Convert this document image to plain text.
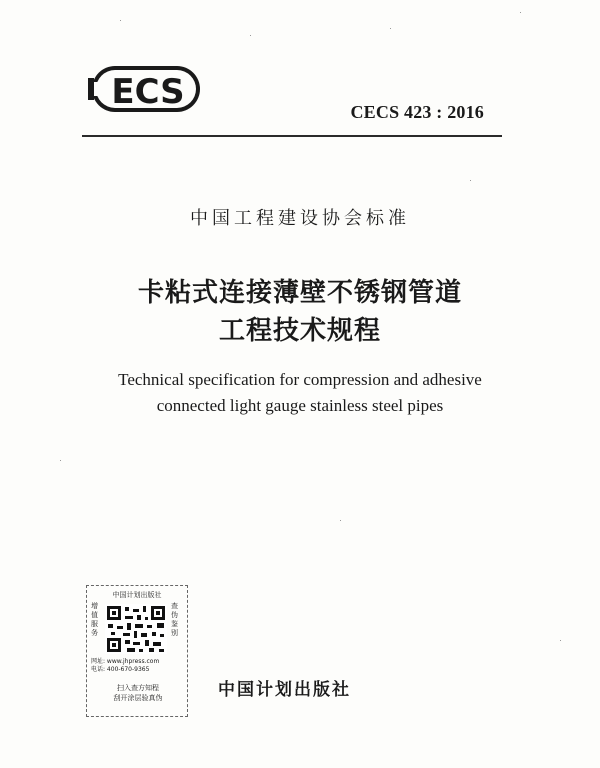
ECS	CECS 423 : 2016
中国工程建设协会标准
卡粘式连接薄壁不锈钢管道
工程技术规程
Technical specification for compression and adhesive
connected light gauge stainless steel pipes
中国计划出版社
增值服务
查伪鉴别
网址: www.jhpress.com
电话: 400-670-9365
扫入查方知程
刮开涂层验真伪	中国计划出版社
